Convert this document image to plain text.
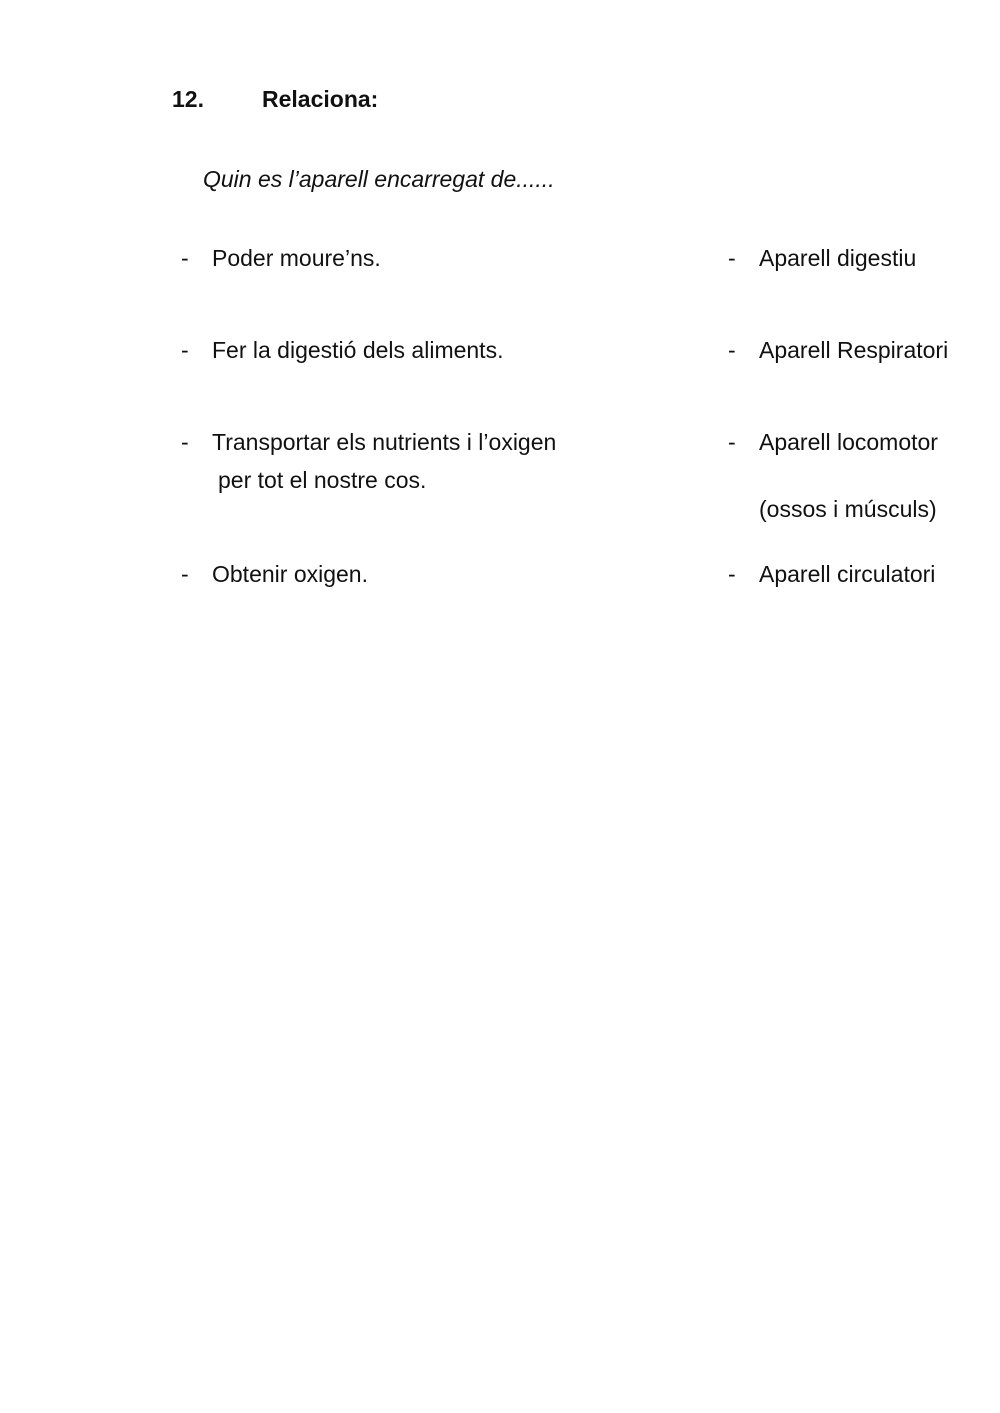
12.	Relaciona:
Quin es l’aparell encarregat de......
- Poder moure’ns.
- Fer la digestió dels aliments.
- Transportar els nutrients i l’oxigen
per tot el nostre cos.
- Obtenir oxigen.
- Aparell digestiu
- Aparell Respiratori
- Aparell locomotor
(ossos i músculs)
- Aparell circulatori
